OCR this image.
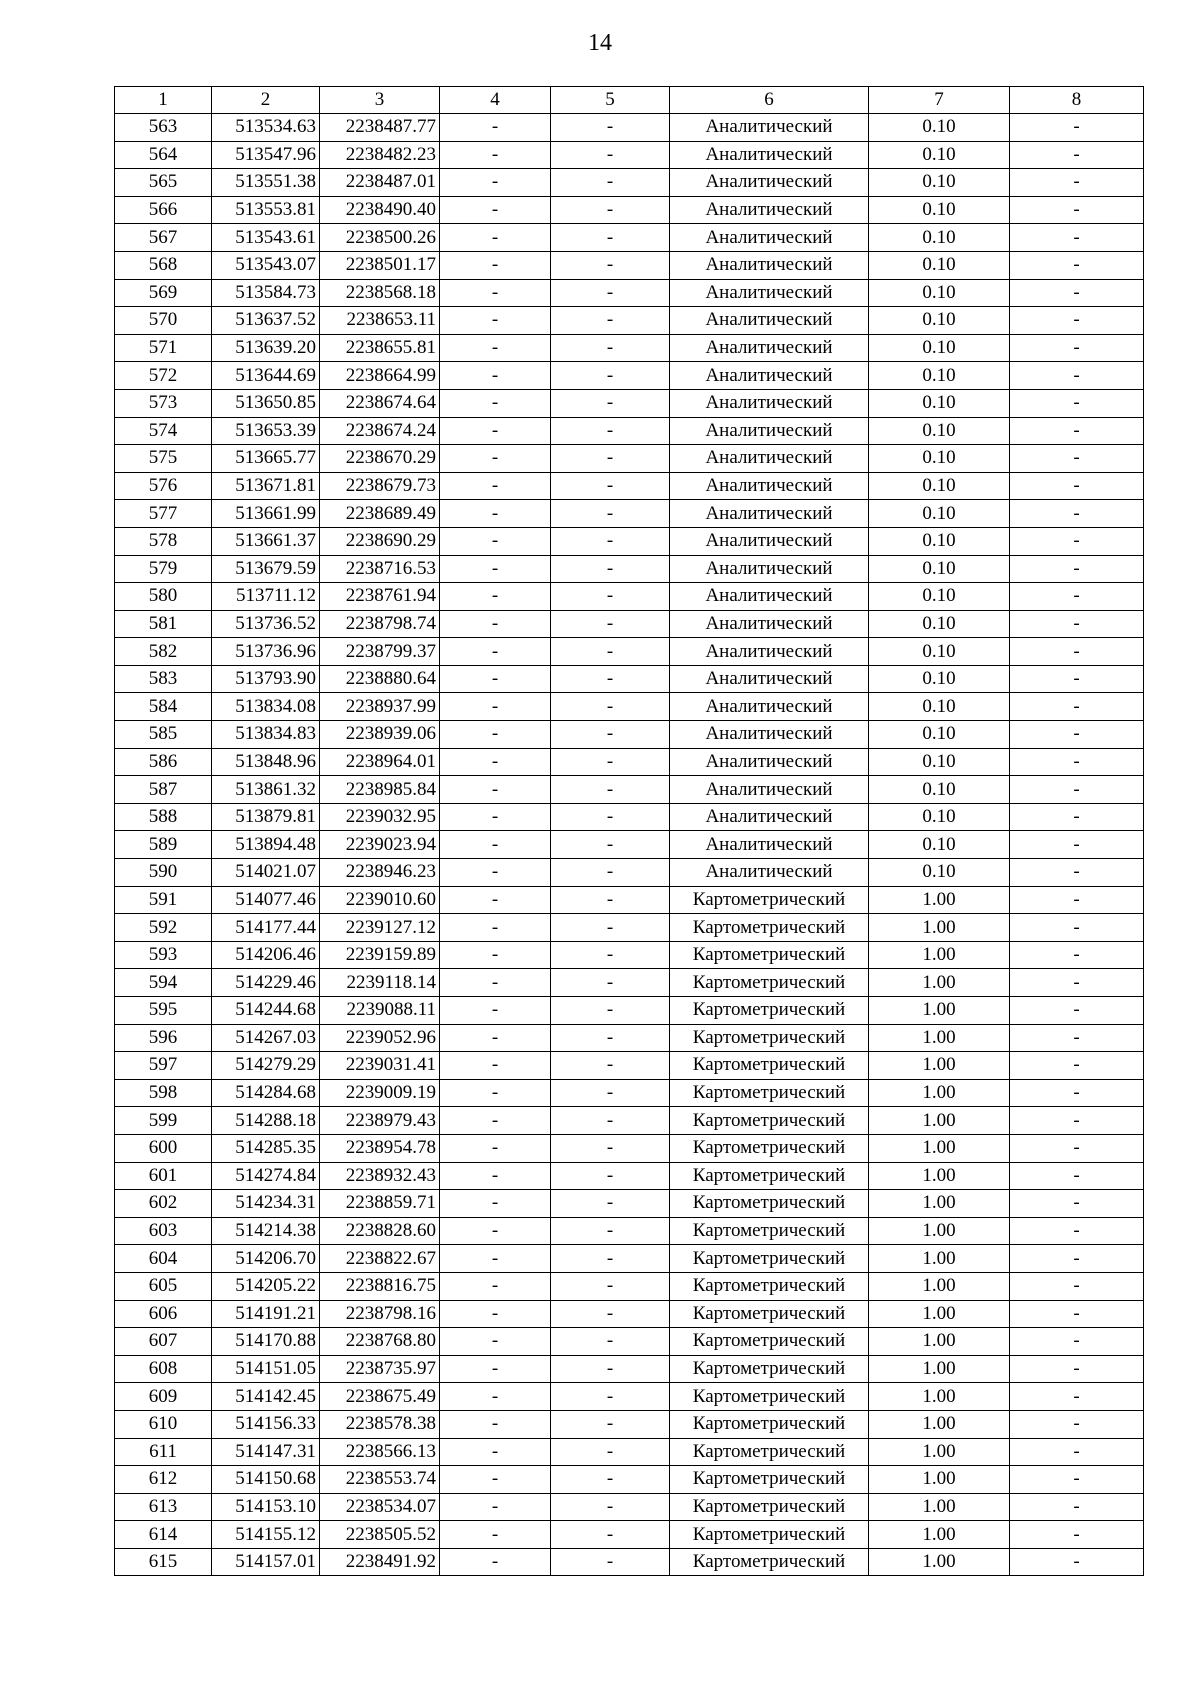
14
1	2	3	4	5	6	7	8
563	513534.63	2238487.77	-	-	Аналитический	0.10	-
564	513547.96	2238482.23	-	-	Аналитический	0.10	-
565	513551.38	2238487.01	-	-	Аналитический	0.10	-
566	513553.81	2238490.40	-	-	Аналитический	0.10	-
567	513543.61	2238500.26	-	-	Аналитический	0.10	-
568	513543.07	2238501.17	-	-	Аналитический	0.10	-
569	513584.73	2238568.18	-	-	Аналитический	0.10	-
570	513637.52	2238653.11	-	-	Аналитический	0.10	-
571	513639.20	2238655.81	-	-	Аналитический	0.10	-
572	513644.69	2238664.99	-	-	Аналитический	0.10	-
573	513650.85	2238674.64	-	-	Аналитический	0.10	-
574	513653.39	2238674.24	-	-	Аналитический	0.10	-
575	513665.77	2238670.29	-	-	Аналитический	0.10	-
576	513671.81	2238679.73	-	-	Аналитический	0.10	-
577	513661.99	2238689.49	-	-	Аналитический	0.10	-
578	513661.37	2238690.29	-	-	Аналитический	0.10	-
579	513679.59	2238716.53	-	-	Аналитический	0.10	-
580	513711.12	2238761.94	-	-	Аналитический	0.10	-
581	513736.52	2238798.74	-	-	Аналитический	0.10	-
582	513736.96	2238799.37	-	-	Аналитический	0.10	-
583	513793.90	2238880.64	-	-	Аналитический	0.10	-
584	513834.08	2238937.99	-	-	Аналитический	0.10	-
585	513834.83	2238939.06	-	-	Аналитический	0.10	-
586	513848.96	2238964.01	-	-	Аналитический	0.10	-
587	513861.32	2238985.84	-	-	Аналитический	0.10	-
588	513879.81	2239032.95	-	-	Аналитический	0.10	-
589	513894.48	2239023.94	-	-	Аналитический	0.10	-
590	514021.07	2238946.23	-	-	Аналитический	0.10	-
591	514077.46	2239010.60	-	-	Картометрический	1.00	-
592	514177.44	2239127.12	-	-	Картометрический	1.00	-
593	514206.46	2239159.89	-	-	Картометрический	1.00	-
594	514229.46	2239118.14	-	-	Картометрический	1.00	-
595	514244.68	2239088.11	-	-	Картометрический	1.00	-
596	514267.03	2239052.96	-	-	Картометрический	1.00	-
597	514279.29	2239031.41	-	-	Картометрический	1.00	-
598	514284.68	2239009.19	-	-	Картометрический	1.00	-
599	514288.18	2238979.43	-	-	Картометрический	1.00	-
600	514285.35	2238954.78	-	-	Картометрический	1.00	-
601	514274.84	2238932.43	-	-	Картометрический	1.00	-
602	514234.31	2238859.71	-	-	Картометрический	1.00	-
603	514214.38	2238828.60	-	-	Картометрический	1.00	-
604	514206.70	2238822.67	-	-	Картометрический	1.00	-
605	514205.22	2238816.75	-	-	Картометрический	1.00	-
606	514191.21	2238798.16	-	-	Картометрический	1.00	-
607	514170.88	2238768.80	-	-	Картометрический	1.00	-
608	514151.05	2238735.97	-	-	Картометрический	1.00	-
609	514142.45	2238675.49	-	-	Картометрический	1.00	-
610	514156.33	2238578.38	-	-	Картометрический	1.00	-
611	514147.31	2238566.13	-	-	Картометрический	1.00	-
612	514150.68	2238553.74	-	-	Картометрический	1.00	-
613	514153.10	2238534.07	-	-	Картометрический	1.00	-
614	514155.12	2238505.52	-	-	Картометрический	1.00	-
615	514157.01	2238491.92	-	-	Картометрический	1.00	-
